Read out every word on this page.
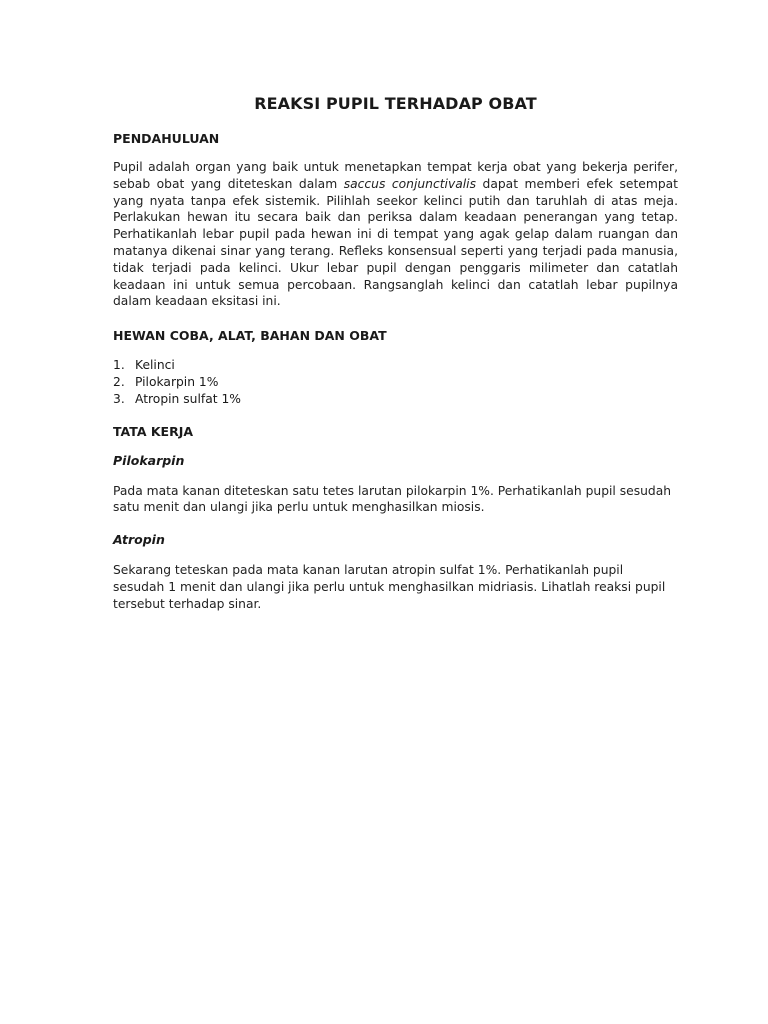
REAKSI PUPIL TERHADAP OBAT
PENDAHULUAN

Pupil adalah organ yang baik untuk menetapkan tempat kerja obat yang bekerja perifer, sebab obat yang diteteskan dalam saccus conjunctivalis dapat memberi efek setempat yang nyata tanpa efek sistemik. Pilihlah seekor kelinci putih dan taruhlah di atas meja. Perlakukan hewan itu secara baik dan periksa dalam keadaan penerangan yang tetap. Perhatikanlah lebar pupil pada hewan ini di tempat yang agak gelap dalam ruangan dan matanya dikenai sinar yang terang. Refleks konsensual seperti yang terjadi pada manusia, tidak terjadi pada kelinci. Ukur lebar pupil dengan penggaris milimeter dan catatlah keadaan ini untuk semua percobaan. Rangsanglah kelinci dan catatlah lebar pupilnya dalam keadaan eksitasi ini.

HEWAN COBA, ALAT, BAHAN DAN OBAT
1. Kelinci
2. Pilokarpin 1%
3. Atropin sulfat 1%
TATA KERJA
Pilokarpin

Pada mata kanan diteteskan satu tetes larutan pilokarpin 1%. Perhatikanlah pupil sesudah satu menit dan ulangi jika perlu untuk menghasilkan miosis.

Atropin

Sekarang teteskan pada mata kanan larutan atropin sulfat 1%. Perhatikanlah pupil sesudah 1 menit dan ulangi jika perlu untuk menghasilkan midriasis. Lihatlah reaksi pupil tersebut terhadap sinar.
